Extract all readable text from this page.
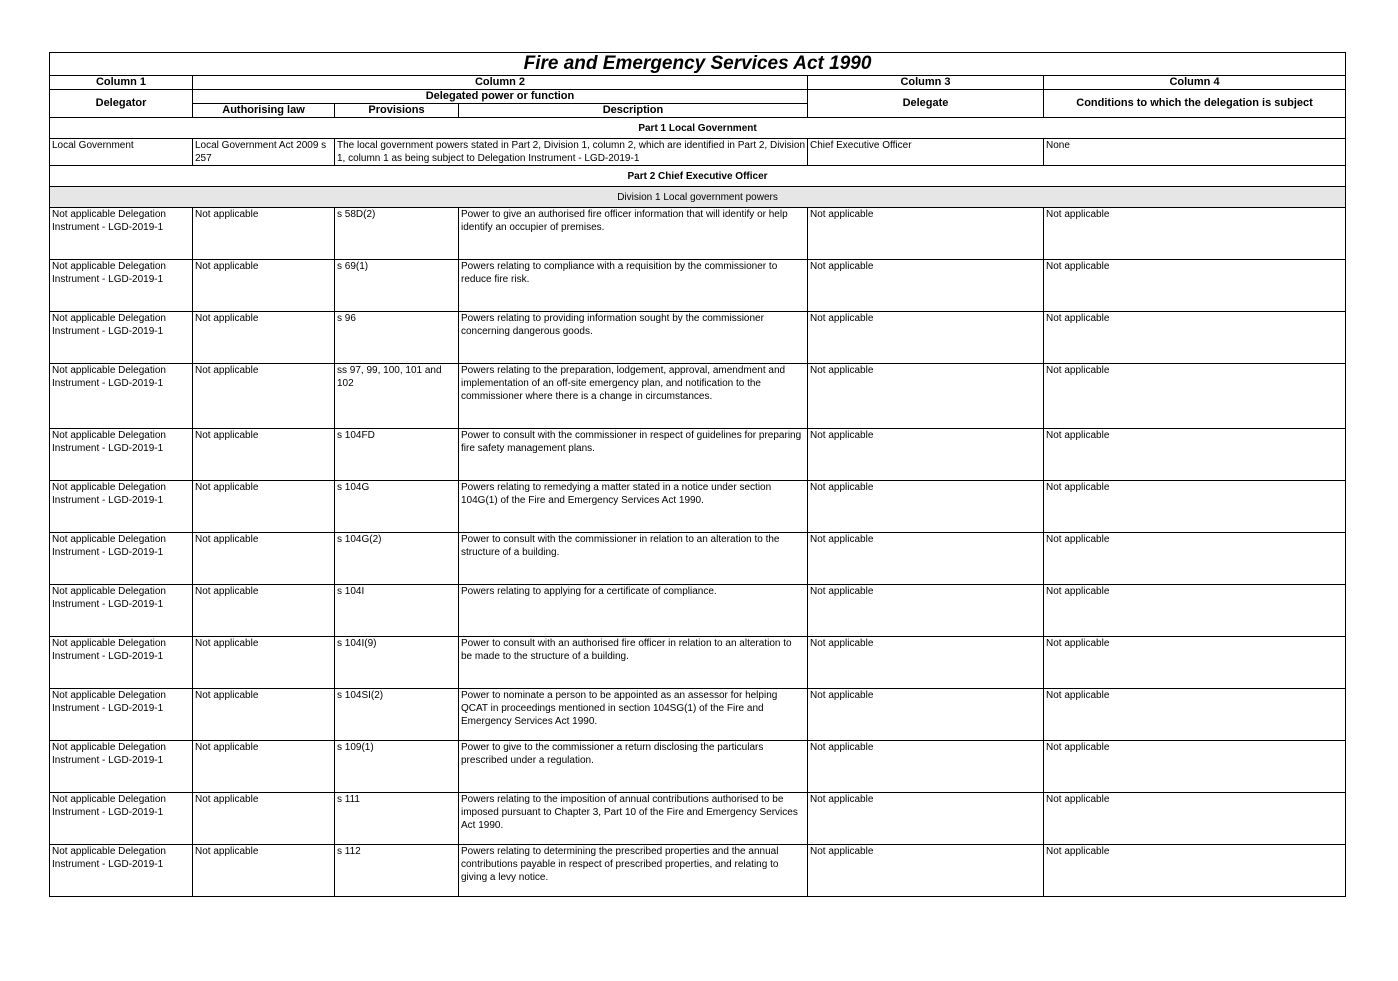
Fire and Emergency Services Act 1990					
Column 1	Column 2			Column 3	Column 4
Delegator	Delegated power or function			Delegate	Conditions to which the delegation is subject
	Authorising law	Provisions	Description		
Part 1 Local Government					
Local Government	Local Government Act 2009 s 257	The local government powers stated in Part 2, Division 1, column 2, which are identified in Part 2, Division 1, column 1 as being subject to Delegation Instrument - LGD-2019-1		Chief Executive Officer	None
Part 2 Chief Executive Officer					
Division 1 Local government powers					
Not applicable Delegation Instrument - LGD-2019-1	Not applicable	s 58D(2)	Power to give an authorised fire officer information that will identify or help identify an occupier of premises.	Not applicable	Not applicable
Not applicable Delegation Instrument - LGD-2019-1	Not applicable	s 69(1)	Powers relating to compliance with a requisition by the commissioner to reduce fire risk.	Not applicable	Not applicable
Not applicable Delegation Instrument - LGD-2019-1	Not applicable	s 96	Powers relating to providing information sought by the commissioner concerning dangerous goods.	Not applicable	Not applicable
Not applicable Delegation Instrument - LGD-2019-1	Not applicable	ss 97, 99, 100, 101 and 102	Powers relating to the preparation, lodgement, approval, amendment and implementation of an off-site emergency plan, and notification to the commissioner where there is a change in circumstances.	Not applicable	Not applicable
Not applicable Delegation Instrument - LGD-2019-1	Not applicable	s 104FD	Power to consult with the commissioner in respect of guidelines for preparing fire safety management plans.	Not applicable	Not applicable
Not applicable Delegation Instrument - LGD-2019-1	Not applicable	s 104G	Powers relating to remedying a matter stated in a notice under section 104G(1) of the Fire and Emergency Services Act 1990.	Not applicable	Not applicable
Not applicable Delegation Instrument - LGD-2019-1	Not applicable	s 104G(2)	Power to consult with the commissioner in relation to an alteration to the structure of a building.	Not applicable	Not applicable
Not applicable Delegation Instrument - LGD-2019-1	Not applicable	s 104I	Powers relating to applying for a certificate of compliance.	Not applicable	Not applicable
Not applicable Delegation Instrument - LGD-2019-1	Not applicable	s 104I(9)	Power to consult with an authorised fire officer in relation to an alteration to be made to the structure of a building.	Not applicable	Not applicable
Not applicable Delegation Instrument - LGD-2019-1	Not applicable	s 104SI(2)	Power to nominate a person to be appointed as an assessor for helping QCAT in proceedings mentioned in section 104SG(1) of the Fire and Emergency Services Act 1990.	Not applicable	Not applicable
Not applicable Delegation Instrument - LGD-2019-1	Not applicable	s 109(1)	Power to give to the commissioner a return disclosing the particulars prescribed under a regulation.	Not applicable	Not applicable
Not applicable Delegation Instrument - LGD-2019-1	Not applicable	s 111	Powers relating to the imposition of annual contributions authorised to be imposed pursuant to Chapter 3, Part 10 of the Fire and Emergency Services Act 1990.	Not applicable	Not applicable
Not applicable Delegation Instrument - LGD-2019-1	Not applicable	s 112	Powers relating to determining the prescribed properties and the annual contributions payable in respect of prescribed properties, and relating to giving a levy notice.	Not applicable	Not applicable
